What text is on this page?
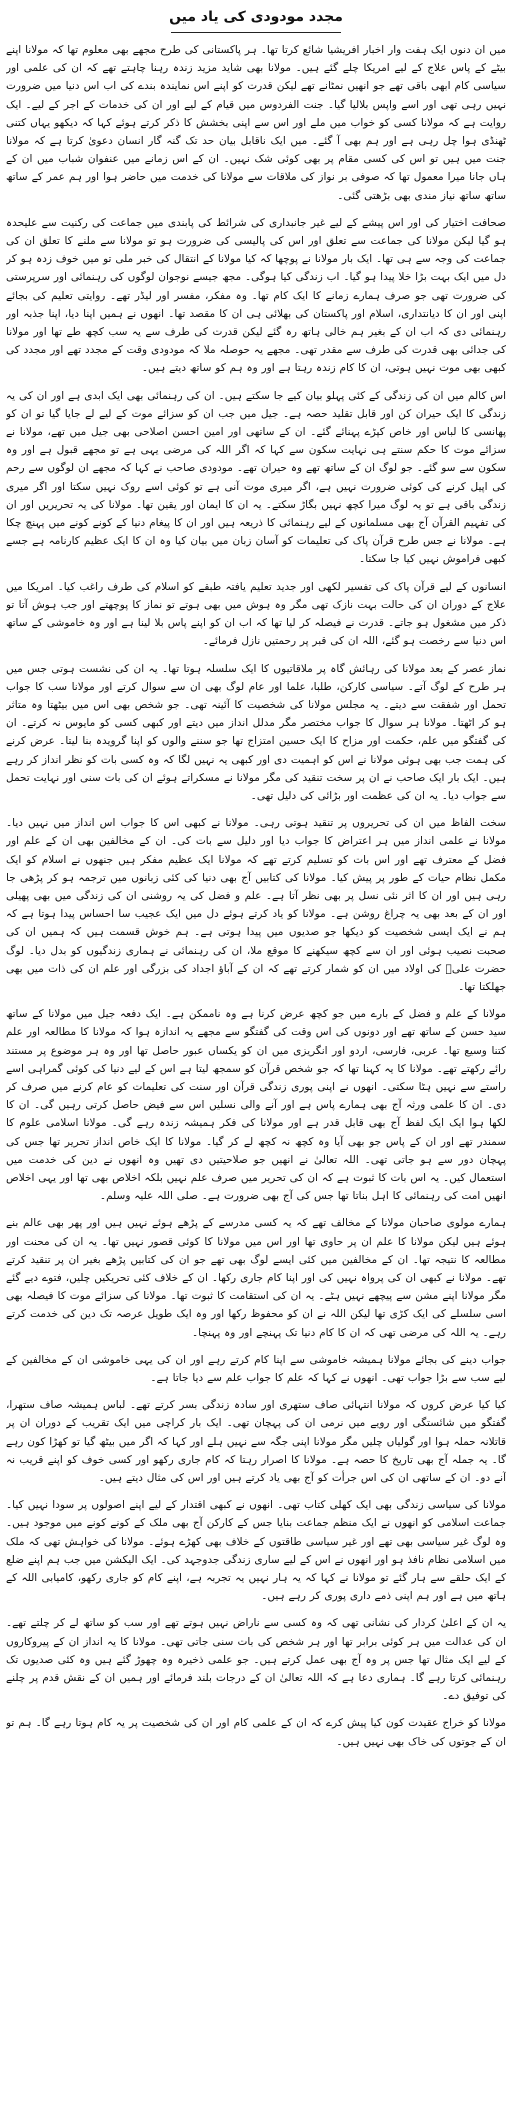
مجدد مودودی کی یاد میں

میں ان دنوں ایک ہفت وار اخبار افریشیا شائع کرتا تھا۔ ہر پاکستانی کی طرح مجھے بھی معلوم تھا کہ مولانا اپنے بیٹے کے پاس علاج کے لیے امریکا چلے گئے ہیں۔ مولانا بھی شاید مزید زندہ رہنا چاہتے تھے کہ ان کی علمی اور سیاسی کام ابھی باقی تھے جو انھیں نمٹانے تھے لیکن قدرت کو اپنے اس نمایندہ بندے کی اب اس دنیا میں ضرورت نہیں رہی تھی اور اسے واپس بلالیا گیا۔ جنت الفردوس میں قیام کے لیے اور ان کی خدمات کے اجر کے لیے۔ ایک روایت ہے کہ مولانا کسی کو خواب میں ملے اور اس سے اپنی بخشش کا ذکر کرتے ہوئے کہا کہ دیکھو یہاں کتنی ٹھنڈی ہوا چل رہی ہے اور ہم بھی آ گئے۔ میں ایک ناقابل بیان حد تک گنہ گار انسان دعویٰ کرتا ہے کہ مولانا جنت میں ہیں تو اس کی کسی مقام پر بھی کوئی شک نہیں۔ ان کے اس زمانے میں عنفوان شباب میں ان کے ہاں جانا میرا معمول تھا کہ صوفی بر نواز کی ملاقات سے مولانا کی خدمت میں حاضر ہوا اور ہم عمر کے ساتھ ساتھ ساتھ نیاز مندی بھی بڑھتی گئی۔

صحافت اختیار کی اور اس پیشے کے لیے غیر جانبداری کی شرائط کی پابندی میں جماعت کی رکنیت سے علیحدہ ہو گیا لیکن مولانا کی جماعت سے تعلق اور اس کی پالیسی کی ضرورت ہو تو مولانا سے ملنے کا تعلق ان کی جماعت کی وجہ سے ہی تھا۔ ایک بار مولانا نے پوچھا کہ کیا مولانا کے انتقال کی خبر ملی تو میں خوف زدہ ہو کر دل میں ایک بہت بڑا خلا پیدا ہو گیا۔ اب زندگی کیا ہوگی۔ مجھ جیسے نوجوان لوگوں کی رہنمائی اور سرپرستی کی ضرورت تھی جو صرف ہمارے زمانے کا ایک کام تھا۔ وہ مفکر، مفسر اور لیڈر تھے۔ روایتی تعلیم کی بجائے اپنی اور ان کا دیانتداری، اسلام اور پاکستان کی بھلائی ہی ان کا مقصد تھا۔ انھوں نے ہمیں اپنا دیا، اپنا جذبہ اور رہنمائی دی کہ اب ان کے بغیر ہم خالی ہاتھ رہ گئے لیکن قدرت کی طرف سے یہ سب کچھ طے تھا اور مولانا کی جدائی بھی قدرت کی طرف سے مقدر تھی۔ مجھے یہ حوصلہ ملا کہ مودودی وقت کے مجدد تھے اور مجدد کی کبھی بھی موت نہیں ہوتی، ان کا کام زندہ رہتا ہے اور وہ ہم کو ساتھ دیتے ہیں۔

اس کالم میں ان کی زندگی کے کئی پہلو بیان کیے جا سکتے ہیں۔ ان کی رہنمائی بھی ایک ابدی ہے اور ان کی یہ زندگی کا ایک حیران کن اور قابل تقلید حصہ ہے۔ جیل میں جب ان کو سزائے موت کے لیے لے جایا گیا تو ان کو پھانسی کا لباس اور خاص کپڑے پہنائے گئے۔ ان کے ساتھی اور امین احسن اصلاحی بھی جیل میں تھے، مولانا نے سزائے موت کا حکم سنتے ہی نہایت سکون سے کہا کہ اگر اللہ کی مرضی یہی ہے تو مجھے قبول ہے اور وہ سکون سے سو گئے۔ جو لوگ ان کے ساتھ تھے وہ حیران تھے۔ مودودی صاحب نے کہا کہ مجھے ان لوگوں سے رحم کی اپیل کرنے کی کوئی ضرورت نہیں ہے، اگر میری موت آنی ہے تو کوئی اسے روک نہیں سکتا اور اگر میری زندگی باقی ہے تو یہ لوگ میرا کچھ نہیں بگاڑ سکتے۔ یہ ان کا ایمان اور یقین تھا۔ مولانا کی یہ تحریریں اور ان کی تفہیم القرآن آج بھی مسلمانوں کے لیے رہنمائی کا ذریعہ ہیں اور ان کا پیغام دنیا کے کونے کونے میں پہنچ چکا ہے۔ مولانا نے جس طرح قرآن پاک کی تعلیمات کو آسان زبان میں بیان کیا وہ ان کا ایک عظیم کارنامہ ہے جسے کبھی فراموش نہیں کیا جا سکتا۔

انسانوں کے لیے قرآن پاک کی تفسیر لکھی اور جدید تعلیم یافتہ طبقے کو اسلام کی طرف راغب کیا۔ امریکا میں علاج کے دوران ان کی حالت بہت نازک تھی مگر وہ ہوش میں بھی ہوتے تو نماز کا پوچھتے اور جب ہوش آتا تو ذکر میں مشغول ہو جاتے۔ قدرت نے فیصلہ کر لیا تھا کہ اب ان کو اپنے پاس بلا لینا ہے اور وہ خاموشی کے ساتھ اس دنیا سے رخصت ہو گئے، اللہ ان کی قبر پر رحمتیں نازل فرمائے۔

نماز عصر کے بعد مولانا کی رہائش گاہ پر ملاقاتیوں کا ایک سلسلہ ہوتا تھا۔ یہ ان کی نشست ہوتی جس میں ہر طرح کے لوگ آتے۔ سیاسی کارکن، طلبا، علما اور عام لوگ بھی ان سے سوال کرتے اور مولانا سب کا جواب تحمل اور شفقت سے دیتے۔ یہ مجلس مولانا کی شخصیت کا آئینہ تھی۔ جو شخص بھی اس میں بیٹھتا وہ متاثر ہو کر اٹھتا۔ مولانا ہر سوال کا جواب مختصر مگر مدلل انداز میں دیتے اور کبھی کسی کو مایوس نہ کرتے۔ ان کی گفتگو میں علم، حکمت اور مزاح کا ایک حسین امتزاج تھا جو سننے والوں کو اپنا گرویدہ بنا لیتا۔ عرض کرنے کی ہمت جب بھی ہوئی مولانا نے اس کو اہمیت دی اور کبھی یہ نہیں لگا کہ وہ کسی بات کو نظر انداز کر رہے ہیں۔ ایک بار ایک صاحب نے ان پر سخت تنقید کی مگر مولانا نے مسکراتے ہوئے ان کی بات سنی اور نہایت تحمل سے جواب دیا۔ یہ ان کی عظمت اور بڑائی کی دلیل تھی۔

سخت الفاظ میں ان کی تحریروں پر تنقید ہوتی رہی۔ مولانا نے کبھی اس کا جواب اس انداز میں نہیں دیا۔ مولانا نے علمی انداز میں ہر اعتراض کا جواب دیا اور دلیل سے بات کی۔ ان کے مخالفین بھی ان کے علم اور فضل کے معترف تھے اور اس بات کو تسلیم کرتے تھے کہ مولانا ایک عظیم مفکر ہیں جنھوں نے اسلام کو ایک مکمل نظام حیات کے طور پر پیش کیا۔ مولانا کی کتابیں آج بھی دنیا کی کئی زبانوں میں ترجمہ ہو کر پڑھی جا رہی ہیں اور ان کا اثر نئی نسل پر بھی نظر آتا ہے۔ علم و فضل کی یہ روشنی ان کی زندگی میں بھی پھیلی اور ان کے بعد بھی یہ چراغ روشن ہے۔ مولانا کو یاد کرتے ہوئے دل میں ایک عجیب سا احساس پیدا ہوتا ہے کہ ہم نے ایک ایسی شخصیت کو دیکھا جو صدیوں میں پیدا ہوتی ہے۔ ہم خوش قسمت ہیں کہ ہمیں ان کی صحبت نصیب ہوئی اور ان سے کچھ سیکھنے کا موقع ملا، ان کی رہنمائی نے ہماری زندگیوں کو بدل دیا۔ لوگ حضرت علیؓ کی اولاد میں ان کو شمار کرتے تھے کہ ان کے آباؤ اجداد کی بزرگی اور علم ان کی ذات میں بھی جھلکتا تھا۔

مولانا کے علم و فضل کے بارے میں جو کچھ عرض کرنا ہے وہ ناممکن ہے۔ ایک دفعہ جیل میں مولانا کے ساتھ سید حسن کے ساتھ تھے اور دونوں کی اس وقت کی گفتگو سے مجھے یہ اندازہ ہوا کہ مولانا کا مطالعہ اور علم کتنا وسیع تھا۔ عربی، فارسی، اردو اور انگریزی میں ان کو یکساں عبور حاصل تھا اور وہ ہر موضوع پر مستند رائے رکھتے تھے۔ مولانا کا یہ کہنا تھا کہ جو شخص قرآن کو سمجھ لیتا ہے اس کے لیے دنیا کی کوئی گمراہی اسے راستے سے نہیں ہٹا سکتی۔ انھوں نے اپنی پوری زندگی قرآن اور سنت کی تعلیمات کو عام کرنے میں صرف کر دی۔ ان کا علمی ورثہ آج بھی ہمارے پاس ہے اور آنے والی نسلیں اس سے فیض حاصل کرتی رہیں گی۔ ان کا لکھا ہوا ایک ایک لفظ آج بھی قابل قدر ہے اور مولانا کی فکر ہمیشہ زندہ رہے گی۔ مولانا اسلامی علوم کا سمندر تھے اور ان کے پاس جو بھی آیا وہ کچھ نہ کچھ لے کر گیا۔ مولانا کا ایک خاص انداز تحریر تھا جس کی پہچان دور سے ہو جاتی تھی۔ اللہ تعالیٰ نے انھیں جو صلاحیتیں دی تھیں وہ انھوں نے دین کی خدمت میں استعمال کیں۔ یہ اس بات کا ثبوت ہے کہ ان کی تحریر میں صرف علم نہیں بلکہ اخلاص بھی تھا اور یہی اخلاص انھیں امت کی رہنمائی کا اہل بناتا تھا جس کی آج بھی ضرورت ہے۔ صلی اللہ علیہ وسلم۔

ہمارے مولوی صاحبان مولانا کے مخالف تھے کہ یہ کسی مدرسے کے پڑھے ہوئے نہیں ہیں اور پھر بھی عالم بنے ہوئے ہیں لیکن مولانا کا علم ان پر حاوی تھا اور اس میں مولانا کا کوئی قصور نہیں تھا۔ یہ ان کی محنت اور مطالعہ کا نتیجہ تھا۔ ان کے مخالفین میں کئی ایسے لوگ بھی تھے جو ان کی کتابیں پڑھے بغیر ان پر تنقید کرتے تھے۔ مولانا نے کبھی ان کی پرواہ نہیں کی اور اپنا کام جاری رکھا۔ ان کے خلاف کئی تحریکیں چلیں، فتوے دیے گئے مگر مولانا اپنے مشن سے پیچھے نہیں ہٹے۔ یہ ان کی استقامت کا ثبوت تھا۔ مولانا کی سزائے موت کا فیصلہ بھی اسی سلسلے کی ایک کڑی تھا لیکن اللہ نے ان کو محفوظ رکھا اور وہ ایک طویل عرصہ تک دین کی خدمت کرتے رہے۔ یہ اللہ کی مرضی تھی کہ ان کا کام دنیا تک پہنچے اور وہ پہنچا۔

جواب دینے کی بجائے مولانا ہمیشہ خاموشی سے اپنا کام کرتے رہے اور ان کی یہی خاموشی ان کے مخالفین کے لیے سب سے بڑا جواب تھی۔ انھوں نے کہا کہ علم کا جواب علم سے دیا جاتا ہے۔

کیا کیا عرض کروں کہ مولانا انتہائی صاف ستھری اور سادہ زندگی بسر کرتے تھے۔ لباس ہمیشہ صاف ستھرا، گفتگو میں شائستگی اور رویے میں نرمی ان کی پہچان تھی۔ ایک بار کراچی میں ایک تقریب کے دوران ان پر قاتلانہ حملہ ہوا اور گولیاں چلیں مگر مولانا اپنی جگہ سے نہیں ہلے اور کہا کہ اگر میں بیٹھ گیا تو کھڑا کون رہے گا۔ یہ جملہ آج بھی تاریخ کا حصہ ہے۔ مولانا کا اصرار رہتا کہ کام جاری رکھو اور کسی خوف کو اپنے قریب نہ آنے دو۔ ان کے ساتھی ان کی اس جرأت کو آج بھی یاد کرتے ہیں اور اس کی مثال دیتے ہیں۔

مولانا کی سیاسی زندگی بھی ایک کھلی کتاب تھی۔ انھوں نے کبھی اقتدار کے لیے اپنے اصولوں پر سودا نہیں کیا۔ جماعت اسلامی کو انھوں نے ایک منظم جماعت بنایا جس کے کارکن آج بھی ملک کے کونے کونے میں موجود ہیں۔ وہ لوگ غیر سیاسی بھی تھے اور غیر سیاسی طاقتوں کے خلاف بھی کھڑے ہوئے۔ مولانا کی خواہش تھی کہ ملک میں اسلامی نظام نافذ ہو اور انھوں نے اس کے لیے ساری زندگی جدوجہد کی۔ ایک الیکشن میں جب ہم اپنے ضلع کے ایک حلقے سے ہار گئے تو مولانا نے کہا کہ یہ ہار نہیں یہ تجربہ ہے، اپنے کام کو جاری رکھو، کامیابی اللہ کے ہاتھ میں ہے اور ہم اپنی ذمے داری پوری کر رہے ہیں۔

یہ ان کے اعلیٰ کردار کی نشانی تھی کہ وہ کسی سے ناراض نہیں ہوتے تھے اور سب کو ساتھ لے کر چلتے تھے۔ ان کی عدالت میں ہر کوئی برابر تھا اور ہر شخص کی بات سنی جاتی تھی۔ مولانا کا یہ انداز ان کے پیروکاروں کے لیے ایک مثال تھا جس پر وہ آج بھی عمل کرتے ہیں۔ جو علمی ذخیرہ وہ چھوڑ گئے ہیں وہ کئی صدیوں تک رہنمائی کرتا رہے گا۔ ہماری دعا ہے کہ اللہ تعالیٰ ان کے درجات بلند فرمائے اور ہمیں ان کے نقش قدم پر چلنے کی توفیق دے۔

مولانا کو خراج عقیدت کون کیا پیش کرے کہ ان کے علمی کام اور ان کی شخصیت پر یہ کام ہوتا رہے گا۔ ہم تو ان کے جوتوں کی خاک بھی نہیں ہیں۔
